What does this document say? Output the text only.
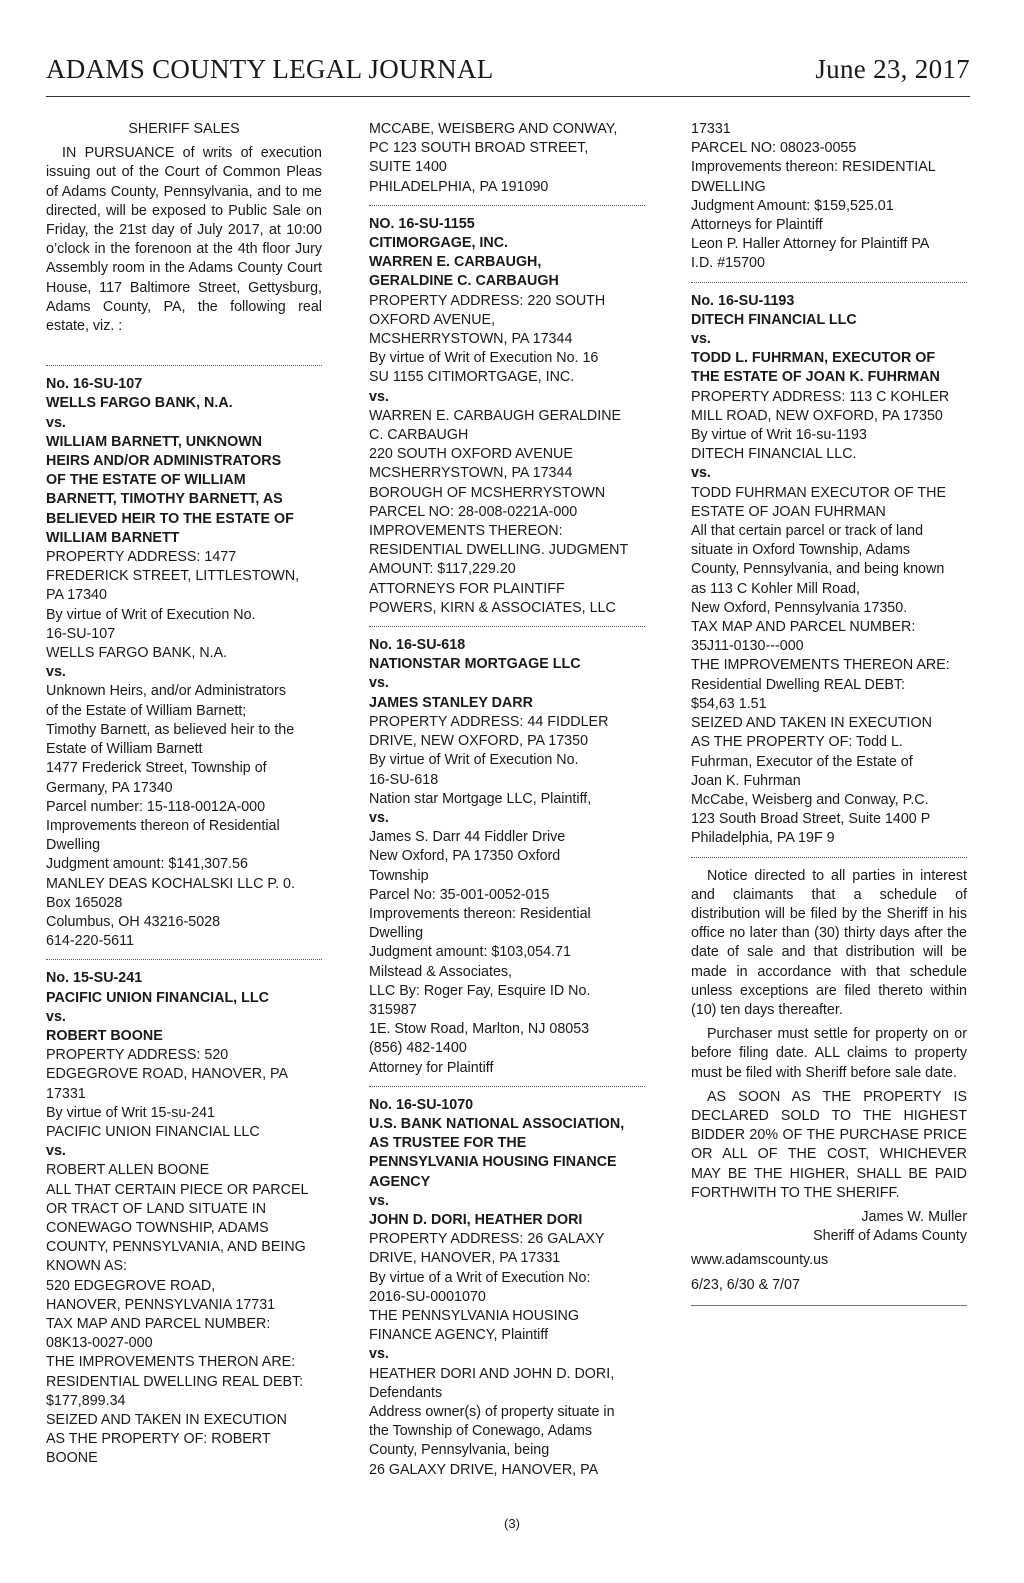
ADAMS COUNTY LEGAL JOURNAL	June 23, 2017
SHERIFF SALES
IN PURSUANCE of writs of execution issuing out of the Court of Common Pleas of Adams County, Pennsylvania, and to me directed, will be exposed to Public Sale on Friday, the 21st day of July 2017, at 10:00 o’clock in the forenoon at the 4th floor Jury Assembly room in the Adams County Court House, 117 Baltimore Street, Gettysburg, Adams County, PA, the following real estate, viz. :
No. 16-SU-107
WELLS FARGO BANK, N.A.
vs.
WILLIAM BARNETT, UNKNOWN
HEIRS AND/OR ADMINISTRATORS
OF THE ESTATE OF WILLIAM
BARNETT, TIMOTHY BARNETT, AS
BELIEVED HEIR TO THE ESTATE OF
WILLIAM BARNETT
PROPERTY ADDRESS: 1477
FREDERICK STREET, LITTLESTOWN,
PA 17340
By virtue of Writ of Execution No.
16-SU-107
WELLS FARGO BANK, N.A.
vs.
Unknown Heirs, and/or Administrators
of the Estate of William Barnett;
Timothy Barnett, as believed heir to the
Estate of William Barnett
1477 Frederick Street, Township of
Germany, PA 17340
Parcel number: 15-118-0012A-000
Improvements thereon of Residential
Dwelling
Judgment amount: $141,307.56
MANLEY DEAS KOCHALSKI LLC P. 0.
Box 165028
Columbus, OH 43216-5028
614-220-5611
No. 15-SU-241
PACIFIC UNION FINANCIAL, LLC
vs.
ROBERT BOONE
PROPERTY ADDRESS: 520
EDGEGROVE ROAD, HANOVER, PA
17331
By virtue of Writ 15-su-241
PACIFIC UNION FINANCIAL LLC
vs.
ROBERT ALLEN BOONE
ALL THAT CERTAIN PIECE OR PARCEL
OR TRACT OF LAND SITUATE IN
CONEWAGO TOWNSHIP, ADAMS
COUNTY, PENNSYLVANIA, AND BEING
KNOWN AS:
520 EDGEGROVE ROAD,
HANOVER, PENNSYLVANIA 17731
TAX MAP AND PARCEL NUMBER:
08K13-0027-000
THE IMPROVEMENTS THERON ARE:
RESIDENTIAL DWELLING REAL DEBT:
$177,899.34
SEIZED AND TAKEN IN EXECUTION
AS THE PROPERTY OF: ROBERT
BOONE
MCCABE, WEISBERG AND CONWAY,
PC 123 SOUTH BROAD STREET,
SUITE 1400
PHILADELPHIA, PA 191090
NO. 16-SU-1155
CITIMORGAGE, INC.
WARREN E. CARBAUGH,
GERALDINE C. CARBAUGH
PROPERTY ADDRESS: 220 SOUTH
OXFORD AVENUE,
MCSHERRYSTOWN, PA 17344
By virtue of Writ of Execution No. 16
SU 1155 CITIMORTGAGE, INC.
vs.
WARREN E. CARBAUGH GERALDINE
C. CARBAUGH
220 SOUTH OXFORD AVENUE
MCSHERRYSTOWN, PA 17344
BOROUGH OF MCSHERRYSTOWN
PARCEL NO: 28-008-0221A-000
IMPROVEMENTS THEREON:
RESIDENTIAL DWELLING. JUDGMENT
AMOUNT: $117,229.20
ATTORNEYS FOR PLAINTIFF
POWERS, KIRN & ASSOCIATES, LLC
No. 16-SU-618
NATIONSTAR MORTGAGE LLC
vs.
JAMES STANLEY DARR
PROPERTY ADDRESS: 44 FIDDLER
DRIVE, NEW OXFORD, PA 17350
By virtue of Writ of Execution No.
16-SU-618
Nation star Mortgage LLC, Plaintiff,
vs.
James S. Darr 44 Fiddler Drive
New Oxford, PA 17350 Oxford
Township
Parcel No: 35-001-0052-015
Improvements thereon: Residential
Dwelling
Judgment amount: $103,054.71
Milstead & Associates,
LLC By: Roger Fay, Esquire ID No.
315987
1E. Stow Road, Marlton, NJ 08053
(856) 482-1400
Attorney for Plaintiff
No. 16-SU-1070
U.S. BANK NATIONAL ASSOCIATION,
AS TRUSTEE FOR THE
PENNSYLVANIA HOUSING FINANCE
AGENCY
vs.
JOHN D. DORI, HEATHER DORI
PROPERTY ADDRESS: 26 GALAXY
DRIVE, HANOVER, PA 17331
By virtue of a Writ of Execution No:
2016-SU-0001070
THE PENNSYLVANIA HOUSING
FINANCE AGENCY, Plaintiff
vs.
HEATHER DORI AND JOHN D. DORI,
Defendants
Address owner(s) of property situate in
the Township of Conewago, Adams
County, Pennsylvania, being
26 GALAXY DRIVE, HANOVER, PA
17331
PARCEL NO: 08023-0055
Improvements thereon: RESIDENTIAL
DWELLING
Judgment Amount: $159,525.01
Attorneys for Plaintiff
Leon P. Haller Attorney for Plaintiff PA
I.D. #15700
No. 16-SU-1193
DITECH FINANCIAL LLC
vs.
TODD L. FUHRMAN, EXECUTOR OF
THE ESTATE OF JOAN K. FUHRMAN
PROPERTY ADDRESS: 113 C KOHLER
MILL ROAD, NEW OXFORD, PA 17350
By virtue of Writ 16-su-1193
DITECH FINANCIAL LLC.
vs.
TODD FUHRMAN EXECUTOR OF THE
ESTATE OF JOAN FUHRMAN
All that certain parcel or track of land
situate in Oxford Township, Adams
County, Pennsylvania, and being known
as 113 C Kohler Mill Road,
New Oxford, Pennsylvania 17350.
TAX MAP AND PARCEL NUMBER:
35J11-0130---000
THE IMPROVEMENTS THEREON ARE:
Residential Dwelling REAL DEBT:
$54,63 1.51
SEIZED AND TAKEN IN EXECUTION
AS THE PROPERTY OF: Todd L.
Fuhrman, Executor of the Estate of
Joan K. Fuhrman
McCabe, Weisberg and Conway, P.C.
123 South Broad Street, Suite 1400 P
Philadelphia, PA 19F 9
Notice directed to all parties in interest and claimants that a schedule of distribution will be filed by the Sheriff in his office no later than (30) thirty days after the date of sale and that distribution will be made in accordance with that schedule unless exceptions are filed thereto within (10) ten days thereafter.
Purchaser must settle for property on or before filing date. ALL claims to property must be filed with Sheriff before sale date.
AS SOON AS THE PROPERTY IS DECLARED SOLD TO THE HIGHEST BIDDER 20% OF THE PURCHASE PRICE OR ALL OF THE COST, WHICHEVER MAY BE THE HIGHER, SHALL BE PAID FORTHWITH TO THE SHERIFF.
James W. Muller
Sheriff of Adams County
www.adamscounty.us
6/23, 6/30 & 7/07
(3)
